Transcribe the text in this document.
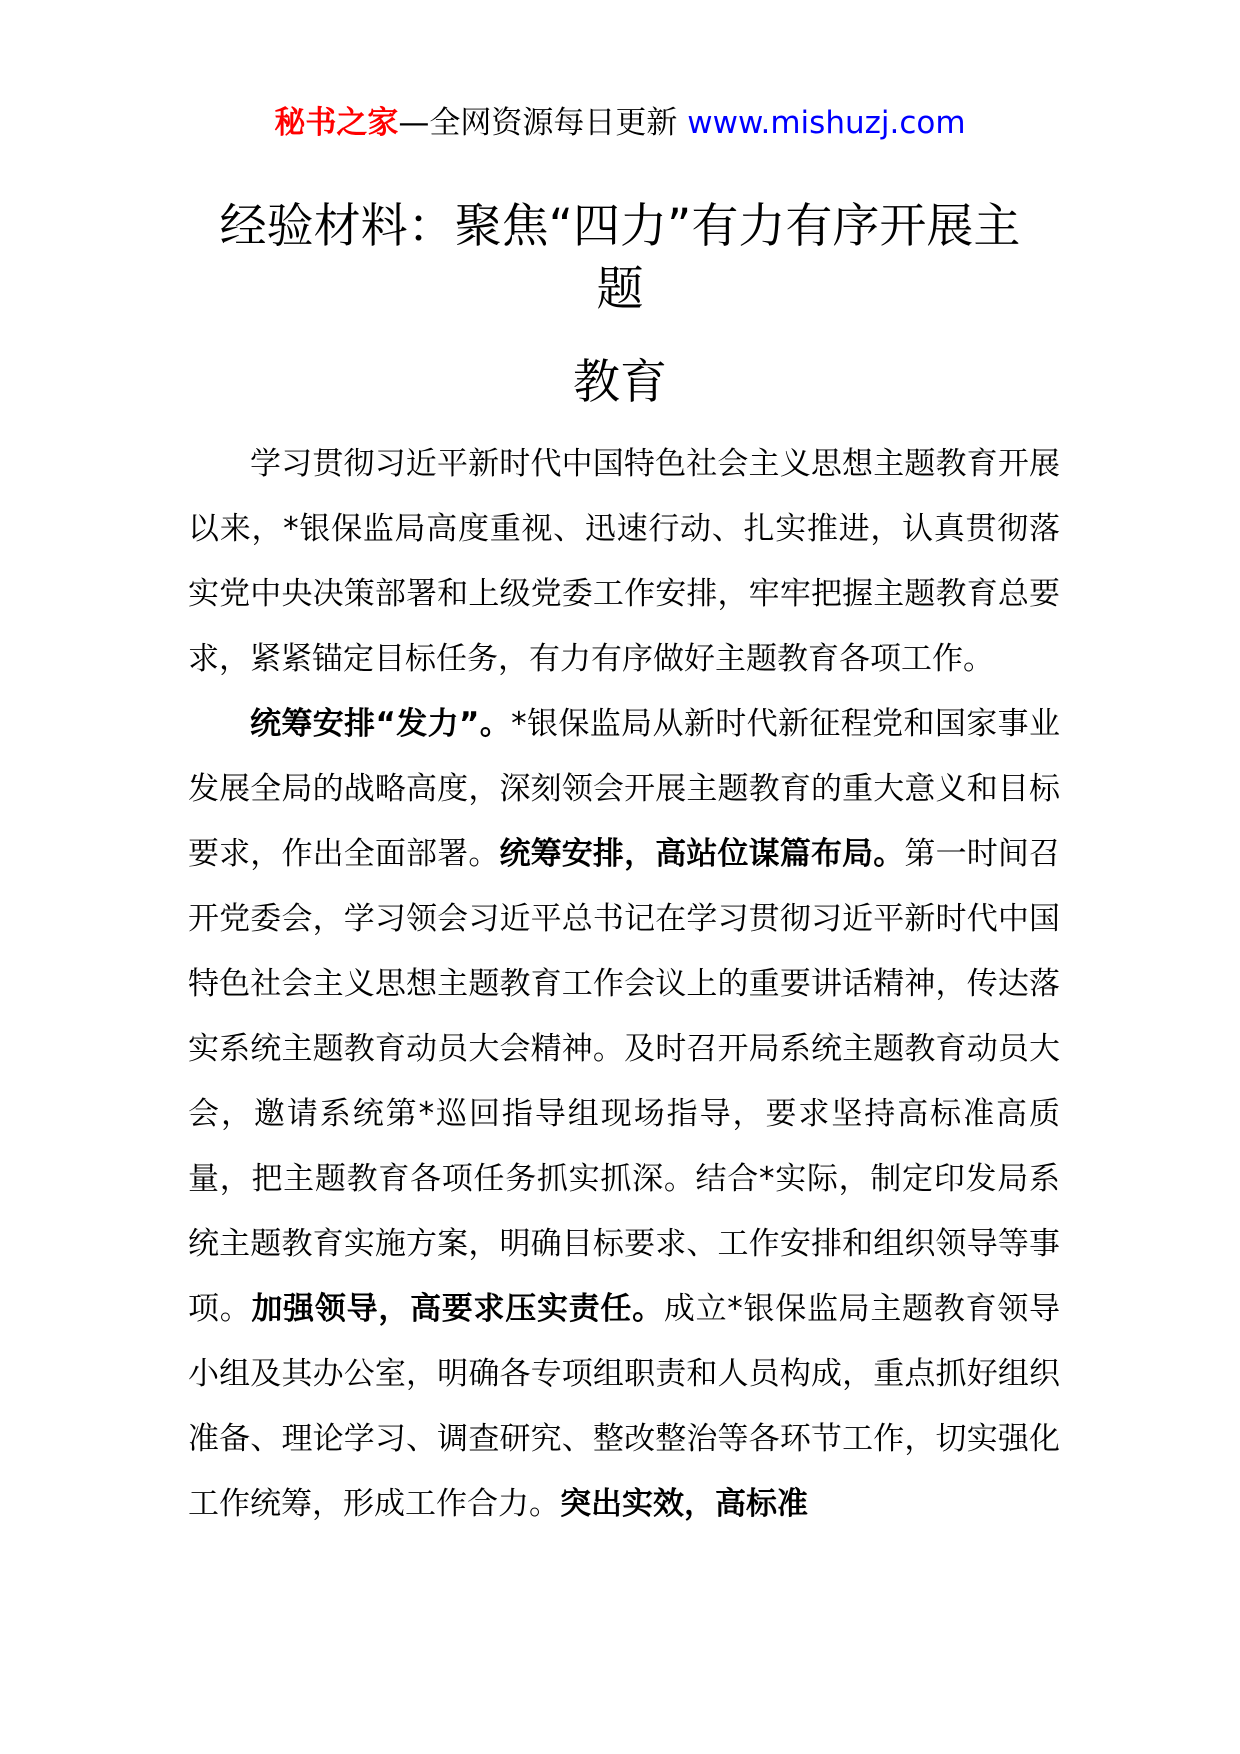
秘书之家—全网资源每日更新 www.mishuzj.com
经验材料：聚焦“四力”有力有序开展主
题
教育

学习贯彻习近平新时代中国特色社会主义思想主题教育开展以来，*银保监局高度重视、迅速行动、扎实推进，认真贯彻落实党中央决策部署和上级党委工作安排，牢牢把握主题教育总要求，紧紧锚定目标任务，有力有序做好主题教育各项工作。

统筹安排“发力”。*银保监局从新时代新征程党和国家事业发展全局的战略高度，深刻领会开展主题教育的重大意义和目标要求，作出全面部署。统筹安排，高站位谋篇布局。第一时间召开党委会，学习领会习近平总书记在学习贯彻习近平新时代中国特色社会主义思想主题教育工作会议上的重要讲话精神，传达落实系统主题教育动员大会精神。及时召开局系统主题教育动员大会，邀请系统第*巡回指导组现场指导，要求坚持高标准高质量，把主题教育各项任务抓实抓深。结合*实际，制定印发局系统主题教育实施方案，明确目标要求、工作安排和组织领导等事项。加强领导，高要求压实责任。成立*银保监局主题教育领导小组及其办公室，明确各专项组职责和人员构成，重点抓好组织准备、理论学习、调查研究、整改整治等各环节工作，切实强化工作统筹，形成工作合力。突出实效，高标准
